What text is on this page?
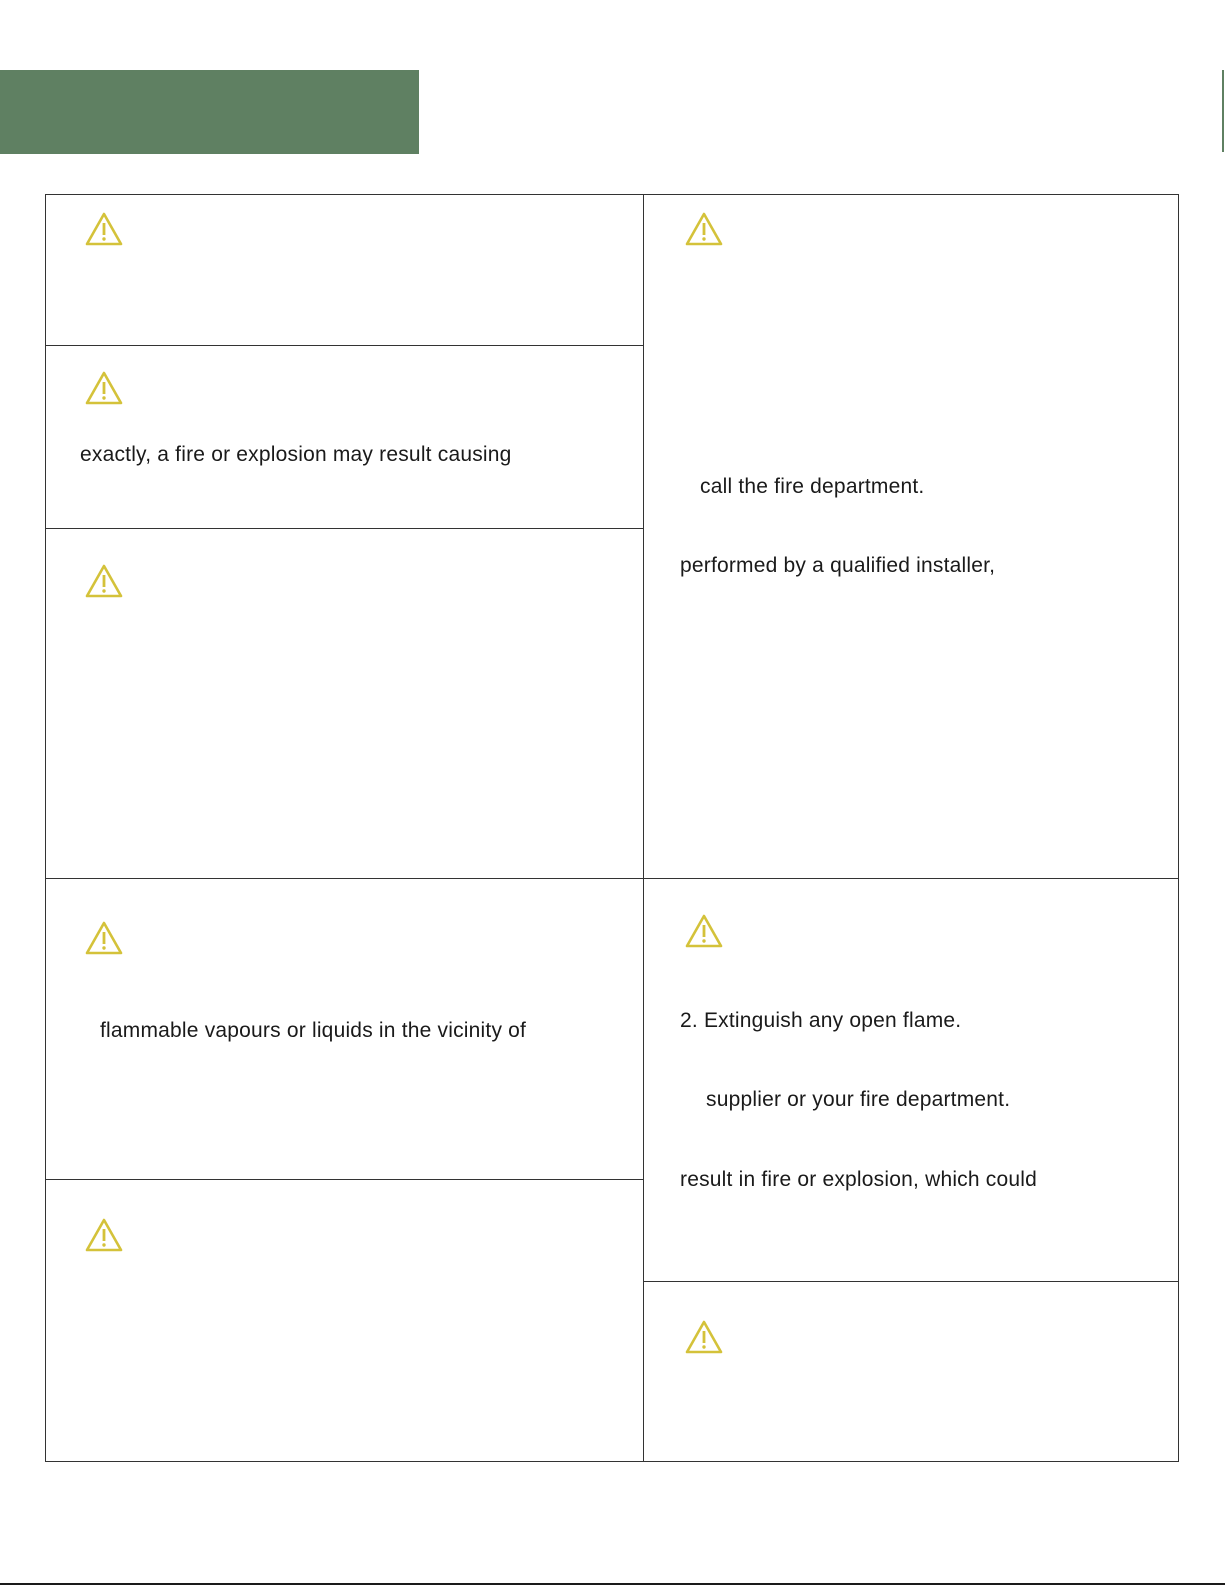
exactly, a fire or explosion may result causing
flammable vapours or liquids in the vicinity of
call the fire department.
performed by a qualified installer,
2. Extinguish any open flame.
supplier or your fire department.
result in fire or explosion, which could
